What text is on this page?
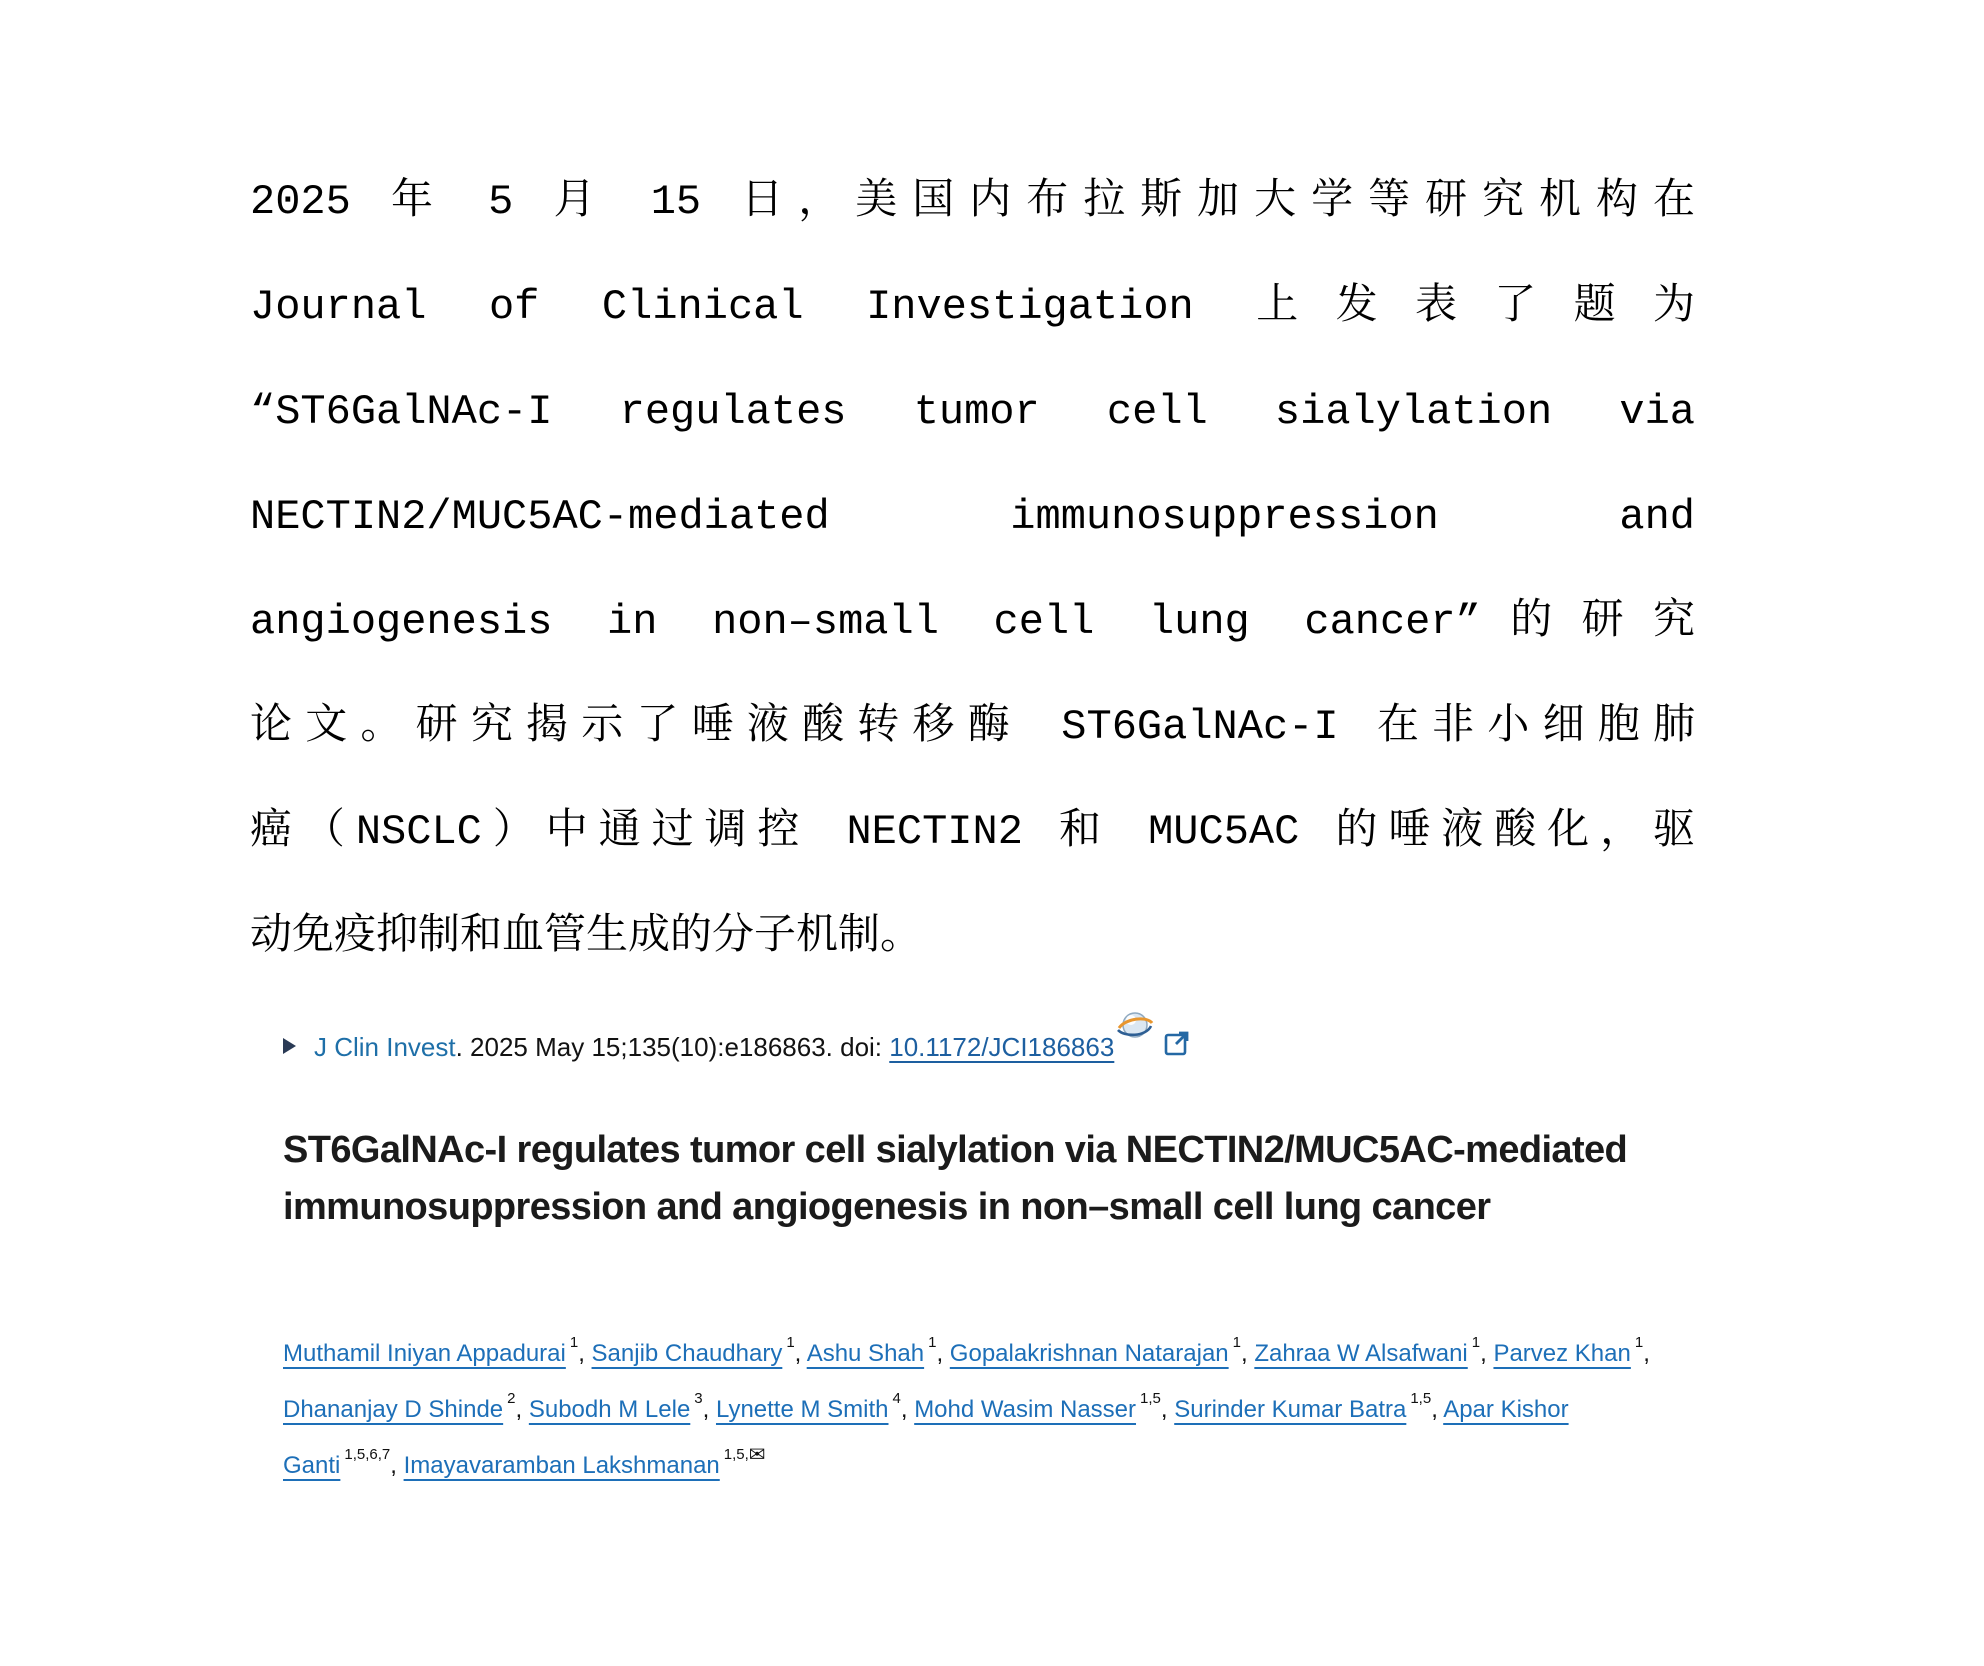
2025 年 5 月 15 日，美国内布拉斯加大学等研究机构在
Journal of Clinical Investigation 上发表了题为
“ST6GalNAc-I regulates tumor cell sialylation via
NECTIN2/MUC5AC-mediated immunosuppression and
angiogenesis in non–small cell lung cancer”的研究
论文。研究揭示了唾液酸转移酶 ST6GalNAc-I 在非小细胞肺
癌（NSCLC）中通过调控 NECTIN2 和 MUC5AC 的唾液酸化，驱
动免疫抑制和血管生成的分子机制。
J Clin Invest. 2025 May 15;135(10):e186863. doi: 10.1172/JCI186863
ST6GalNAc-I regulates tumor cell sialylation via NECTIN2/MUC5AC-mediated immunosuppression and angiogenesis in non–small cell lung cancer
Muthamil Iniyan Appadurai $^1$, Sanjib Chaudhary $^1$, Ashu Shah $^1$, Gopalakrishnan Natarajan $^1$, Zahraa W Alsafwani $^1$, Parvez Khan $^1$, Dhananjay D Shinde $^2$, Subodh M Lele $^3$, Lynette M Smith $^4$, Mohd Wasim Nasser $^{1,5}$, Surinder Kumar Batra $^{1,5}$, Apar Kishor Ganti $^{1,5,6,7}$, Imayavaramban Lakshmanan $^{1,5,✉}$
